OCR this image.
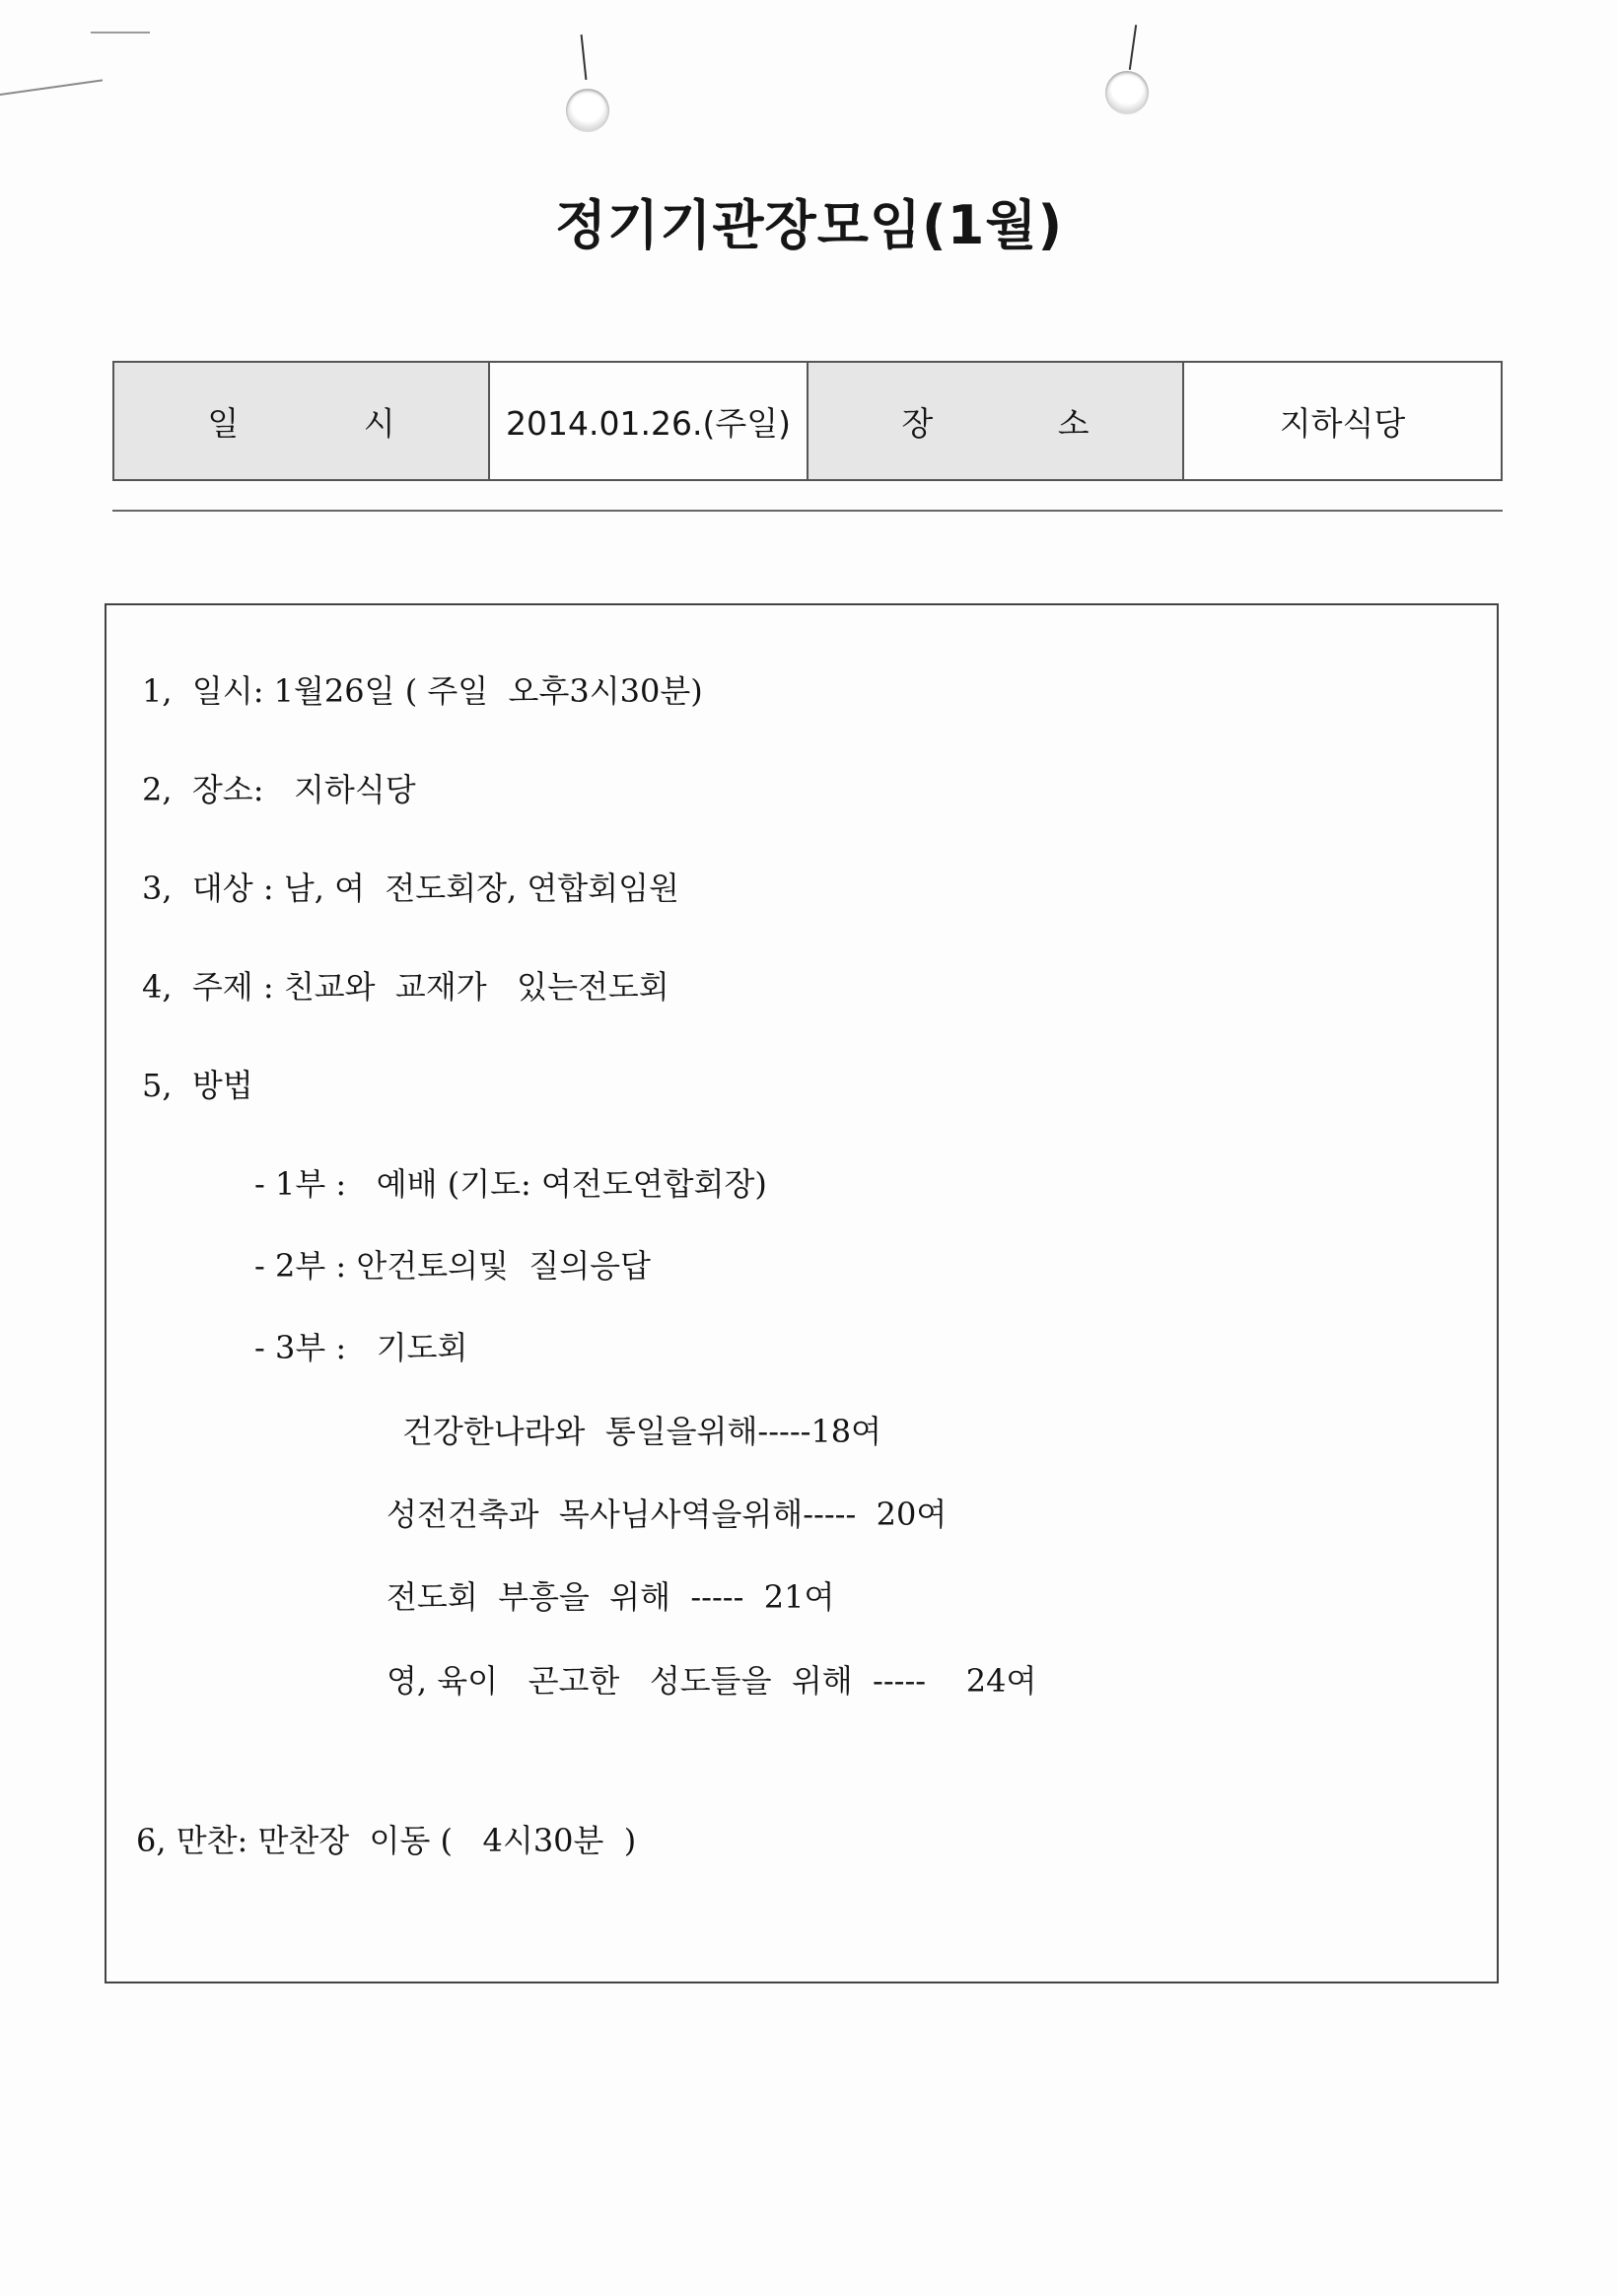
정기기관장모임(1월)
일 시	2014.01.26.(주일)	장 소	지하식당
1,  일시: 1월26일 ( 주일  오후3시30분)
2,  장소:   지하식당
3,  대상 : 남, 여  전도회장, 연합회임원
4,  주제 : 친교와  교재가   있는전도회
5,  방법
- 1부 :   예배 (기도: 여전도연합회장)
- 2부 : 안건토의및  질의응답
- 3부 :   기도회
건강한나라와  통일을위해-----18여
성전건축과  목사님사역을위해-----  20여
전도회  부흥을  위해  -----  21여
영, 육이   곤고한   성도들을  위해  -----    24여
6, 만찬: 만찬장  이동 (   4시30분  )
